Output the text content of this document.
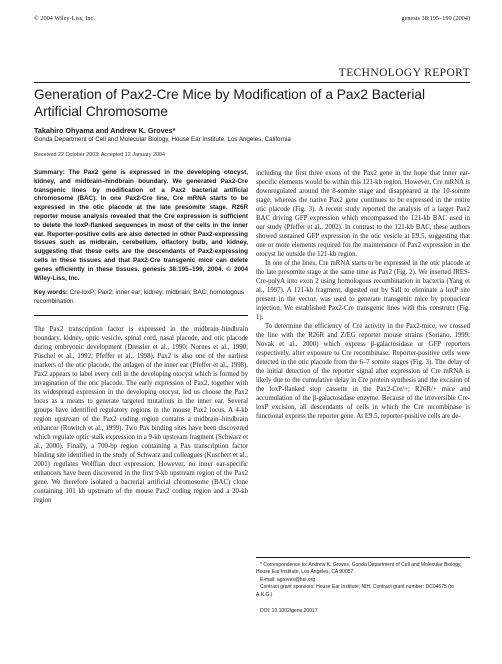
© 2004 Wiley-Liss, Inc.	genesis 38:195–199 (2004)
TECHNOLOGY REPORT
Generation of Pax2-Cre Mice by Modification of a Pax2 Bacterial Artificial Chromosome
Takahiro Ohyama and Andrew K. Groves*
Gonda Department of Cell and Molecular Biology, House Ear Institute, Los Angeles, California
Received 22 October 2003; Accepted 12 January 2004

Summary: The Pax2 gene is expressed in the developing otocyst, kidney, and midbrain–hindbrain boundary. We generated Pax2-Cre transgenic lines by modification of a Pax2 bacterial artificial chromosome (BAC). In one Pax2-Cre line, Cre mRNA starts to be expressed in the otic placode at the late presomite stage. R26R reporter mouse analysis revealed that the Cre expression is sufficient to delete the loxP-flanked sequences in most of the cells in the inner ear. Reporter-positive cells are also detected in other Pax2-expressing tissues such as midbrain, cerebellum, olfactory bulb, and kidney, suggesting that these cells are the descendants of Pax2-expressing cells in these tissues and that Pax2-Cre transgenic mice can delete genes efficiently in these tissues. genesis 38:195–199, 2004. © 2004 Wiley-Liss, Inc.

Key words: Cre-loxP; Pax2; inner ear; kidney; midbrain; BAC; homologous recombination

The Pax2 transcription factor is expressed in the midbrain–hindbrain boundary, kidney, optic vesicle, spinal cord, nasal placode, and otic placode during embryonic development (Dressler et al., 1990; Nornes et al., 1990; Püschel et al., 1992; Pfeffer et al., 1998). Pax2 is also one of the earliest markers of the otic placode, the anlagen of the inner ear (Pfeffer et al., 1998). Pax2 appears to label every cell in the developing otocyst which is formed by invagination of the otic placode. The early expression of Pax2, together with its widespread expression in the developing otocyst, led us choose the Pax2 locus as a means to generate targeted mutations in the inner ear. Several groups have identified regulatory regions in the mouse Pax2 locus. A 4-kb region upstream of the Pax2 coding region contains a midbrain–hindbrain enhancer (Rowitch et al., 1999). Two Pax binding sites have been discovered which regulate optic stalk expression in a 9-kb upstream fragment (Schwarz et al., 2000). Finally, a 700-bp region containing a Pax transcription factor binding site identified in the study of Schwarz and colleagues (Kuschert et al., 2001) regulates Wolffian duct expression. However, no inner ear-specific enhancers have been discovered in the first 9-kb upstream region of the Pax2 gene. We therefore isolated a bacterial artificial chromosome (BAC) clone containing 101 kb upstream of the mouse Pax2 coding region and a 20-kb region

including the first three exons of the Pax2 gene in the hope that inner ear-specific elements would be within this 121-kb region. However, Cre mRNA is downregulated around the 8-somite stage and disappeared at the 10-somite stage, whereas the native Pax2 gene continues to be expressed in the entire otic placode (Fig. 3). A recent study reported the analysis of a larger Pax2 BAC driving GFP expression which encompassed the 121-kb BAC used in our study (Pfeffer et al., 2002). In contrast to the 121-kb BAC, these authors showed sustained GFP expression in the otic vesicle at E9.5, suggesting that one or more elements required for the maintenance of Pax2 expression in the otocyst lie outside the 121-kb region.

In one of the lines, Cre mRNA starts to be expressed in the otic placode at the late presomite stage at the same time as Pax2 (Fig. 2). We inserted IRES-Cre-polyA into exon 2 using homologous recombination in bacteria (Yang et al., 1997). A 121-kb fragment, digested out by SalI to eliminate a loxP site present in the vector, was used to generate transgenic mice by pronuclear injection. We established Pax2-Cre transgenic lines with this construct (Fig. 1).

To determine the efficiency of Cre activity in the Pax2-mice, we crossed the line with the R26R and Z/EG reporter mouse strains (Soriano, 1999; Novak et al., 2000) which express β-galactosidase or GFP reporters respectively, after exposure to Cre recombinase. Reporter-positive cells were detected in the otic placode from the 6–7 somite stages (Fig. 3). The delay of the initial detection of the reporter signal after expression of Cre mRNA is likely due to the cumulative delay in Cre protein synthesis and the excision of the loxP-flanked stop cassette in the Pax2-Cre/+; R26R/+ mice and accumulation of the β-galactosidase enzyme. Because of the irreversible Cre-loxP excision, all descendants of cells in which the Cre recombinase is functional express the reporter gene. At E9.5, reporter-positive cells are de-

* Correspondence to: Andrew K. Groves, Gonda Department of Cell and Molecular Biology, House Ear Institute, Los Angeles, CA 90057.

E-mail: agroves@hei.org

Contract grant sponsors: House Ear Institute; NIH. Contract grant number: DC04675 (to A.K.G.)

DOI: 10.1002/gene.20017
